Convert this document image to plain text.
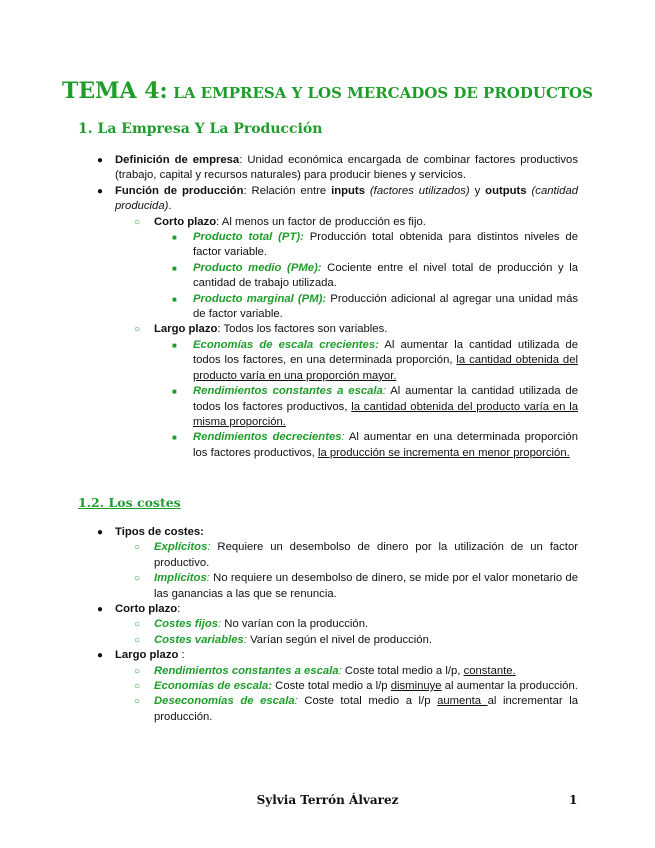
TEMA 4: LA EMPRESA Y LOS MERCADOS DE PRODUCTOS
1. La Empresa Y La Producción
● Definición de empresa: Unidad económica encargada de combinar factores productivos (trabajo, capital y recursos naturales) para producir bienes y servicios.
● Función de producción: Relación entre inputs (factores utilizados) y outputs (cantidad producida).
○ Corto plazo: Al menos un factor de producción es fijo.
■ Producto total (PT): Producción total obtenida para distintos niveles de factor variable.
■ Producto medio (PMe): Cociente entre el nivel total de producción y la cantidad de trabajo utilizada.
■ Producto marginal (PM): Producción adicional al agregar una unidad más de factor variable.
○ Largo plazo: Todos los factores son variables.
■ Economías de escala crecientes: Al aumentar la cantidad utilizada de todos los factores, en una determinada proporción, la cantidad obtenida del producto varía en una proporción mayor.
■ Rendimientos constantes a escala: Al aumentar la cantidad utilizada de todos los factores productivos, la cantidad obtenida del producto varía en la misma proporción.
■ Rendimientos decrecientes: Al aumentar en una determinada proporción los factores productivos, la producción se incrementa en menor proporción.
1.2. Los costes
● Tipos de costes:
○ Explícitos: Requiere un desembolso de dinero por la utilización de un factor productivo.
○ Implícitos: No requiere un desembolso de dinero, se mide por el valor monetario de las ganancias a las que se renuncia.
● Corto plazo:
○ Costes fijos: No varían con la producción.
○ Costes variables: Varían según el nivel de producción.
● Largo plazo :
○ Rendimientos constantes a escala: Coste total medio a l/p, constante.
○ Economías de escala: Coste total medio a l/p disminuye al aumentar la producción.
○ Deseconomías de escala: Coste total medio a l/p aumenta al incrementar la producción.
Sylvia Terrón Álvarez	1
